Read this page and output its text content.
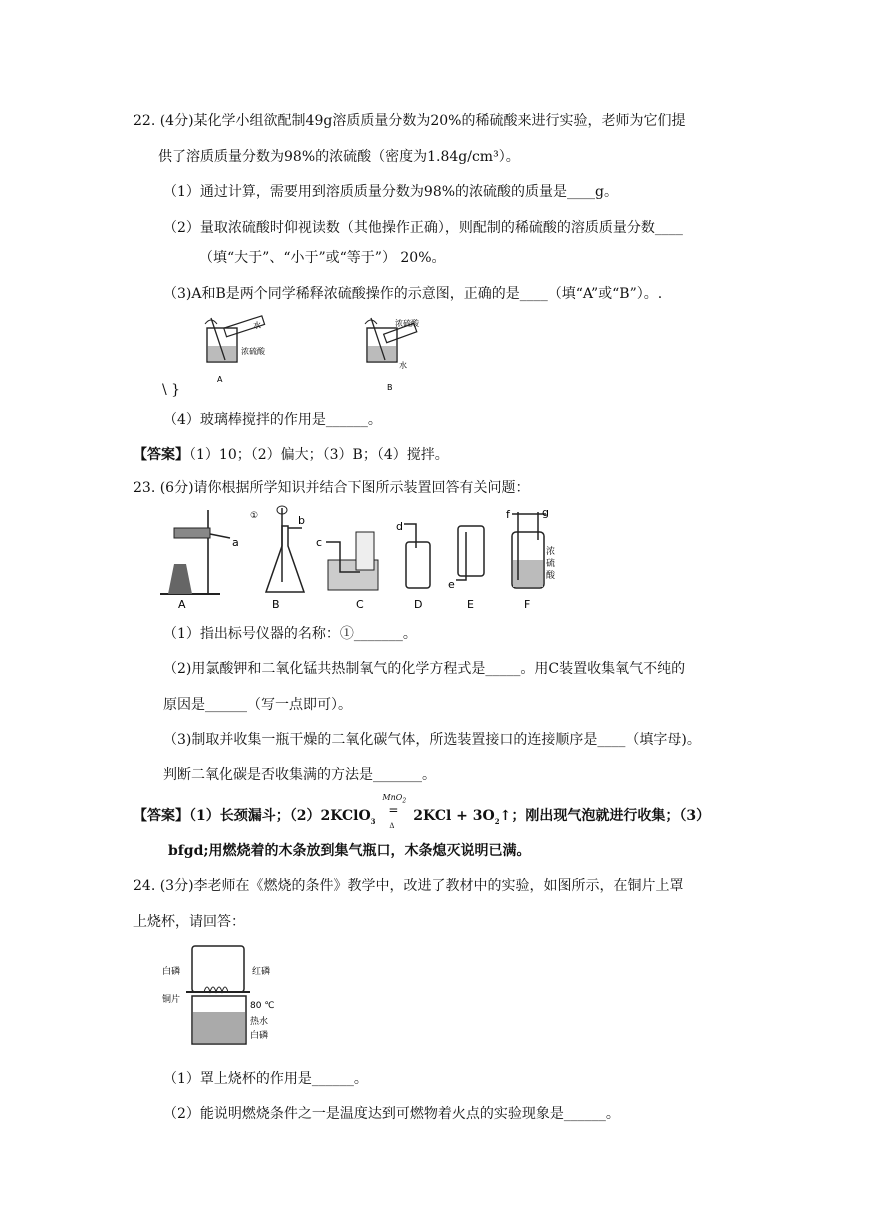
22. (4分)某化学小组欲配制49g溶质质量分数为20%的稀硫酸来进行实验，老师为它们提
供了溶质质量分数为98%的浓硫酸（密度为1.84g/cm³）。
（1）通过计算，需要用到溶质质量分数为98%的浓硫酸的质量是____g。
（2）量取浓硫酸时仰视读数（其他操作正确），则配制的稀硫酸的溶质质量分数____
（填“大于”、“小于”或“等于”） 20%。
（3)A和B是两个同学稀释浓硫酸操作的示意图，正确的是____（填“A”或“B”）。.
水
浓硫酸
A
浓硫酸
水
B
\ }
（4）玻璃棒搅拌的作用是______。
【答案】（1）10；（2）偏大；（3）B；（4）搅拌。
23. (6分)请你根据所学知识并结合下图所示装置回答有关问题：
a
A
b
①
B
c
C
d
D
e
E
f	g
浓
硫
酸
F
（1）指出标号仪器的名称：①_______。
（2)用氯酸钾和二氧化锰共热制氧气的化学方程式是_____。用C装置收集氧气不纯的
原因是______（写一点即可）。
（3)制取并收集一瓶干燥的二氧化碳气体，所选装置接口的连接顺序是____（填字母)。
判断二氧化碳是否收集满的方法是_______。
【答案】（1）长颈漏斗；（2）2KClO$_3$
MnO$_2$
=
Δ
$2KCl + 3O_2↑$；刚出现气泡就进行收集；（3）
bfgd;用燃烧着的木条放到集气瓶口，木条熄灭说明已满。
24. (3分)李老师在《燃烧的条件》教学中，改进了教材中的实验，如图所示，在铜片上罩
上烧杯，请回答：
白磷	红磷
铜片
80 ℃
热水
白磷
（1）罩上烧杯的作用是______。
（2）能说明燃烧条件之一是温度达到可燃物着火点的实验现象是______。
